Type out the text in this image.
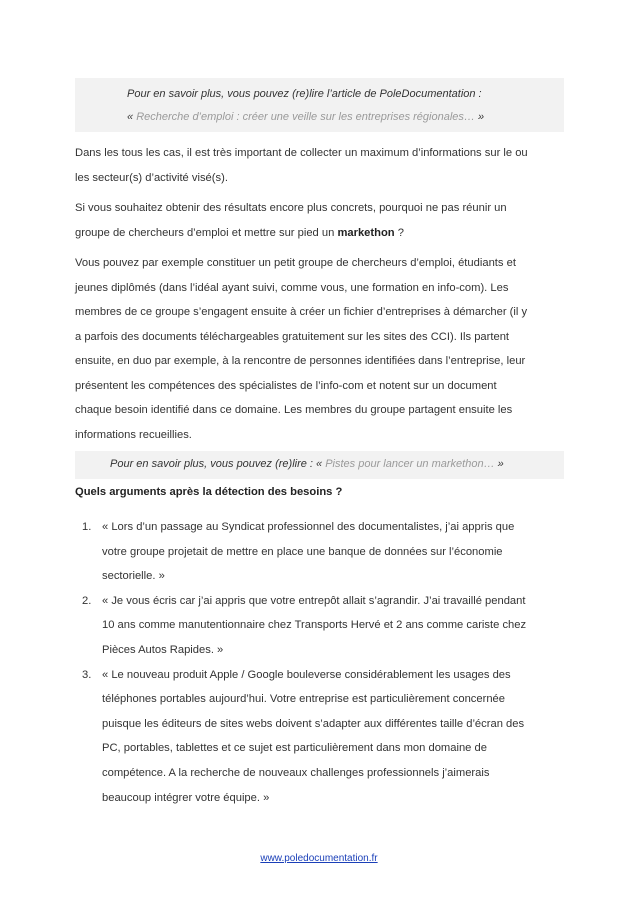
Pour en savoir plus, vous pouvez (re)lire l’article de PoleDocumentation :
« Recherche d’emploi : créer une veille sur les entreprises régionales… »
Dans les tous les cas, il est très important de collecter un maximum d’informations sur le ou
les secteur(s) d’activité visé(s).
Si vous souhaitez obtenir des résultats encore plus concrets, pourquoi ne pas réunir un
groupe de chercheurs d’emploi et mettre sur pied un markethon ?
Vous pouvez par exemple constituer un petit groupe de chercheurs d’emploi, étudiants et
jeunes diplômés (dans l’idéal ayant suivi, comme vous, une formation en info-com). Les
membres de ce groupe s’engagent ensuite à créer un fichier d’entreprises à démarcher (il y
a parfois des documents téléchargeables gratuitement sur les sites des CCI). Ils partent
ensuite, en duo par exemple, à la rencontre de personnes identifiées dans l’entreprise, leur
présentent les compétences des spécialistes de l’info-com et notent sur un document
chaque besoin identifié dans ce domaine. Les membres du groupe partagent ensuite les
informations recueillies.
Pour en savoir plus, vous pouvez (re)lire : « Pistes pour lancer un markethon… »
Quels arguments après la détection des besoins ?
1. « Lors d’un passage au Syndicat professionnel des documentalistes, j’ai appris que
votre groupe projetait de mettre en place une banque de données sur l’économie
sectorielle. »
2. « Je vous écris car j’ai appris que votre entrepôt allait s’agrandir. J’ai travaillé pendant
10 ans comme manutentionnaire chez Transports Hervé et 2 ans comme cariste chez
Pièces Autos Rapides. »
3. « Le nouveau produit Apple / Google bouleverse considérablement les usages des
téléphones portables aujourd’hui. Votre entreprise est particulièrement concernée
puisque les éditeurs de sites webs doivent s’adapter aux différentes taille d’écran des
PC, portables, tablettes et ce sujet est particulièrement dans mon domaine de
compétence. A la recherche de nouveaux challenges professionnels j’aimerais
beaucoup intégrer votre équipe. »
www.poledocumentation.fr
